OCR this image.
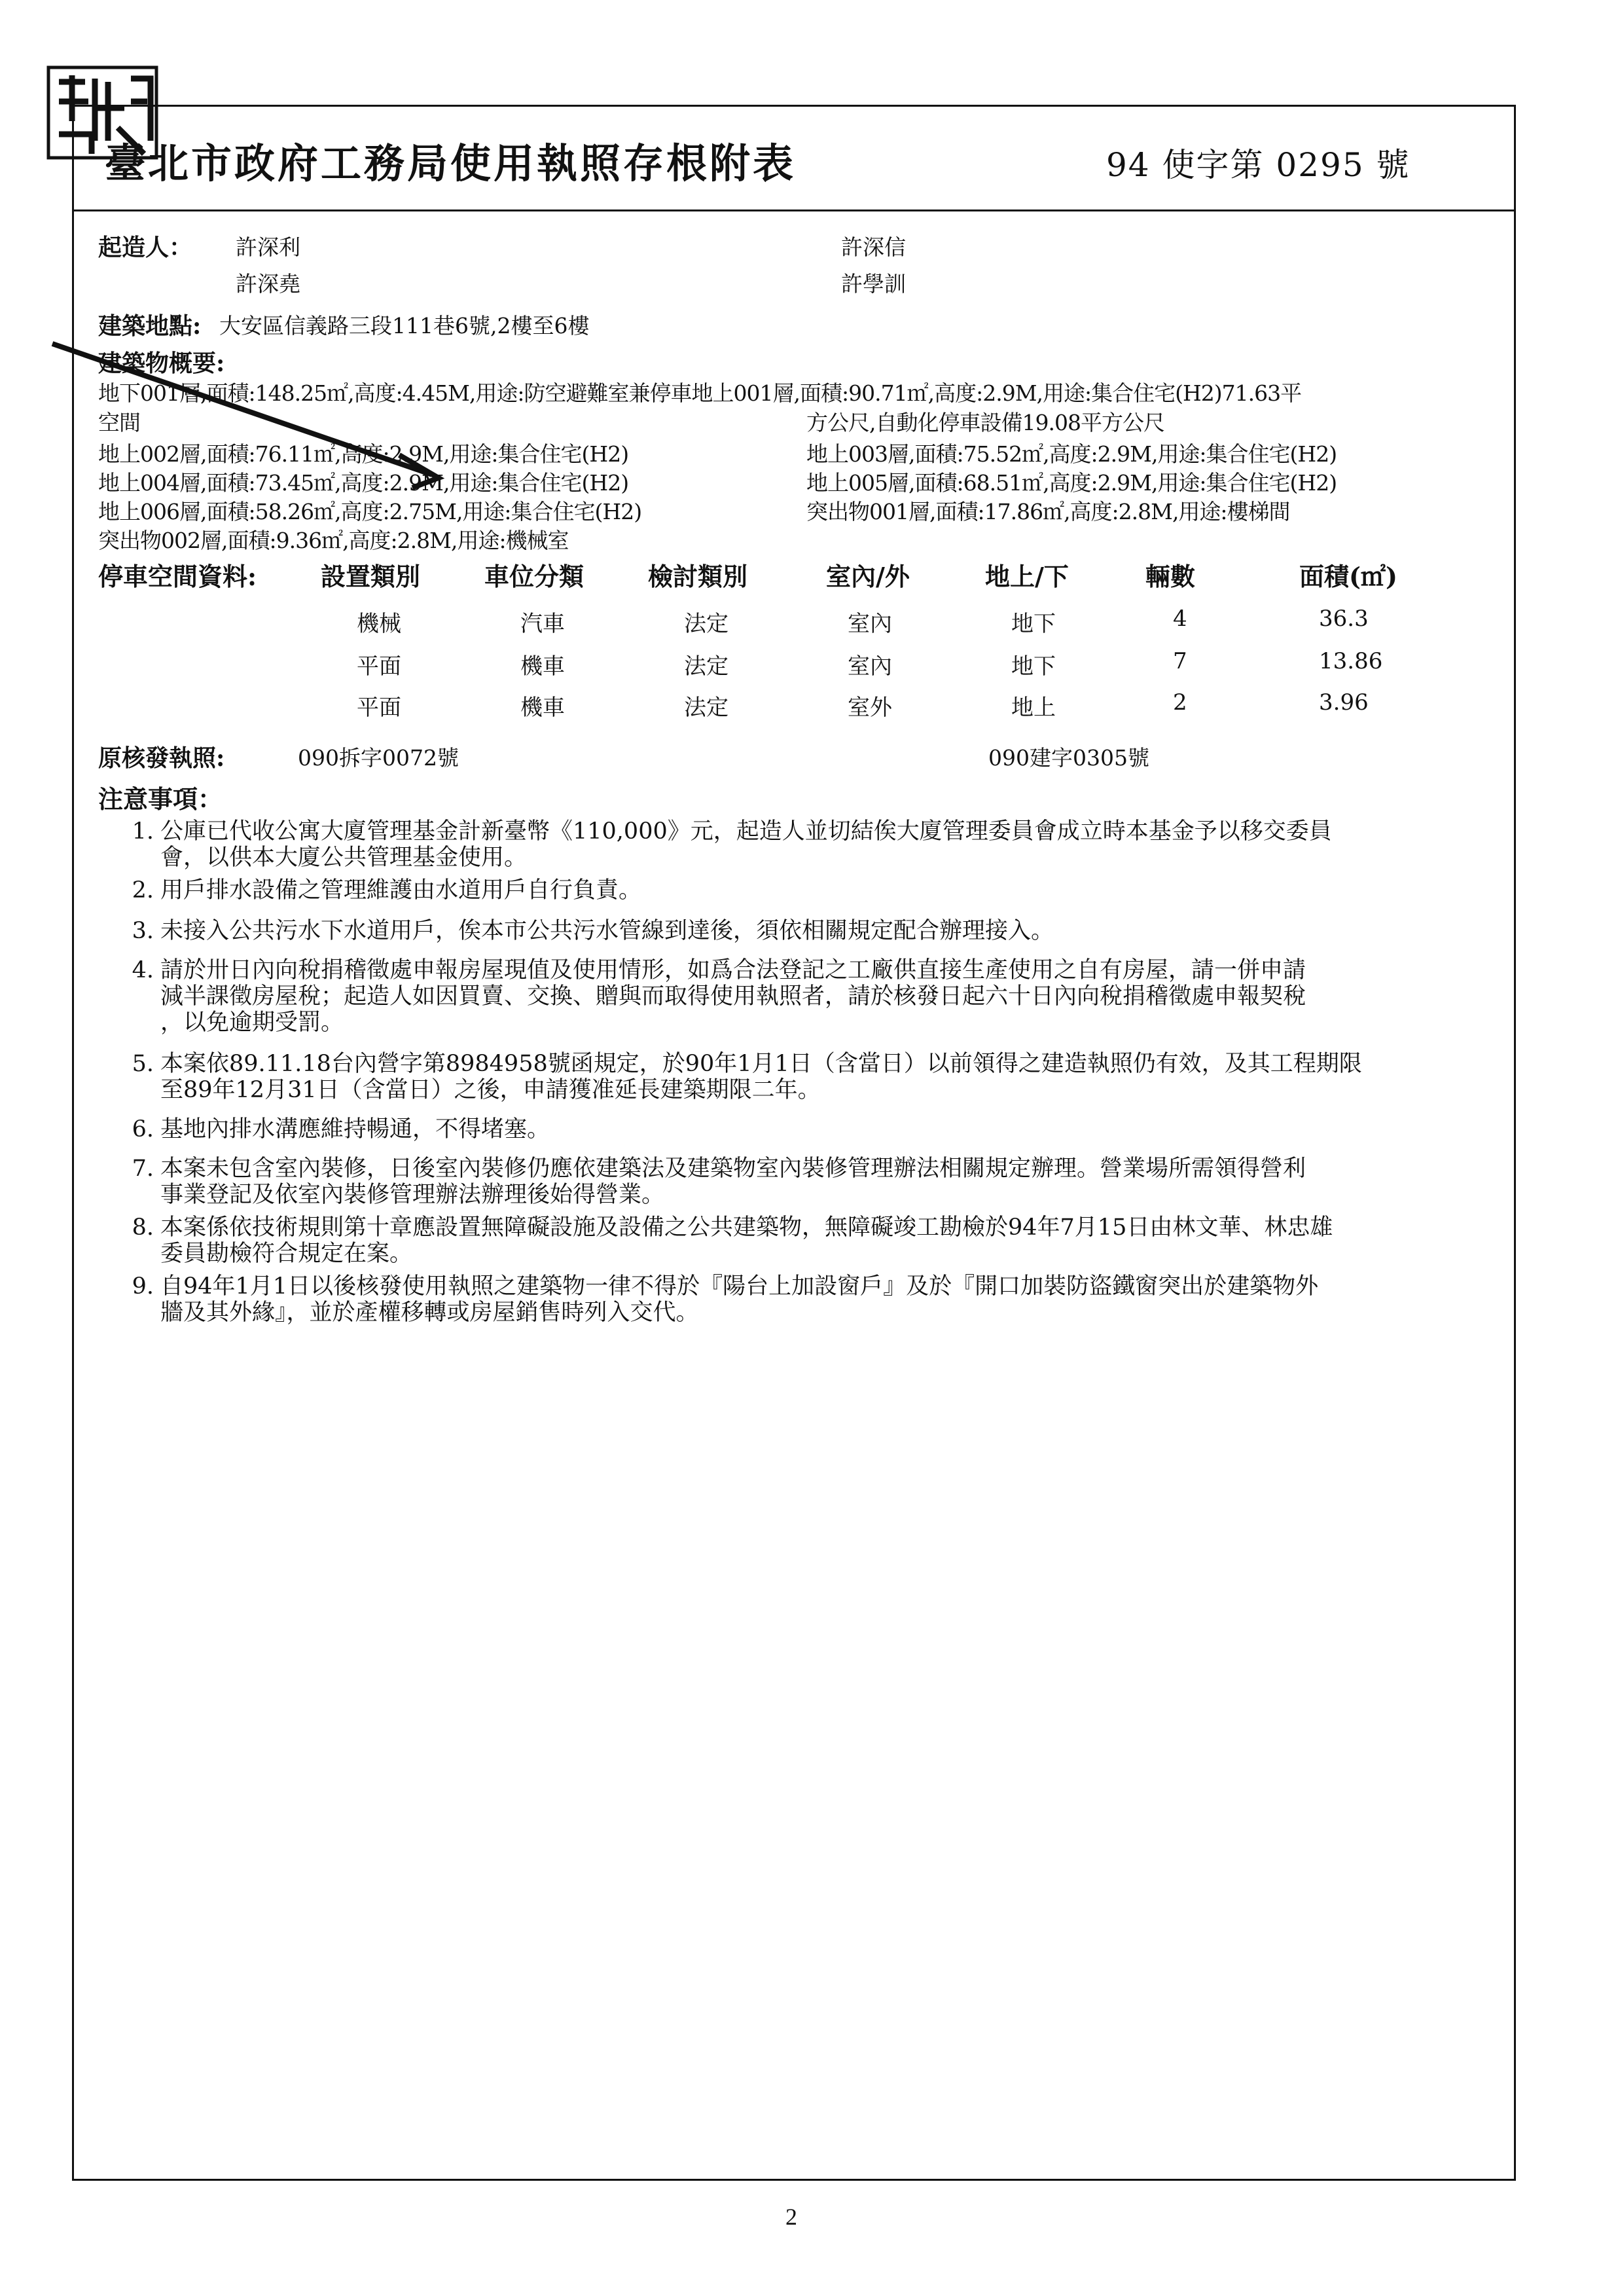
臺北市政府工務局使用執照存根附表	94 使字第 0295 號
起造人： 許深利	許深信
許深堯	許學訓
建築地點: 大安區信義路三段111巷6號,2樓至6樓
建築物概要:
地下001層,面積:148.25㎡,高度:4.45M,用途:防空避難室兼停車地上001層,面積:90.71㎡,高度:2.9M,用途:集合住宅(H2)71.63平
空間	方公尺,自動化停車設備19.08平方公尺
地上002層,面積:76.11㎡,高度:2.9M,用途:集合住宅(H2)	地上003層,面積:75.52㎡,高度:2.9M,用途:集合住宅(H2)
地上004層,面積:73.45㎡,高度:2.9M,用途:集合住宅(H2)	地上005層,面積:68.51㎡,高度:2.9M,用途:集合住宅(H2)
地上006層,面積:58.26㎡,高度:2.75M,用途:集合住宅(H2)	突出物001層,面積:17.86㎡,高度:2.8M,用途:樓梯間
突出物002層,面積:9.36㎡,高度:2.8M,用途:機械室
停車空間資料:	設置類別	車位分類	檢討類別	室內/外	地上/下	輛數	面積(㎡)
機械	汽車	法定	室內	地下	4	36.3
平面	機車	法定	室內	地下	7	13.86
平面	機車	法定	室外	地上	2	3.96
原核發執照:	090拆字0072號	090建字0305號
注意事項：
1. 公庫已代收公寓大廈管理基金計新臺幣《110,000》元，起造人並切結俟大廈管理委員會成立時本基金予以移交委員
會，以供本大廈公共管理基金使用。
2. 用戶排水設備之管理維護由水道用戶自行負責。
3. 未接入公共污水下水道用戶，俟本市公共污水管線到達後，須依相關規定配合辦理接入。
4. 請於卅日內向稅捐稽徵處申報房屋現值及使用情形，如爲合法登記之工廠供直接生產使用之自有房屋，請一併申請
減半課徵房屋稅；起造人如因買賣、交換、贈與而取得使用執照者，請於核發日起六十日內向稅捐稽徵處申報契稅
，以免逾期受罰。
5. 本案依89.11.18台內營字第8984958號函規定，於90年1月1日（含當日）以前領得之建造執照仍有效，及其工程期限
至89年12月31日（含當日）之後，申請獲准延長建築期限二年。
6. 基地內排水溝應維持暢通，不得堵塞。
7. 本案未包含室內裝修，日後室內裝修仍應依建築法及建築物室內裝修管理辦法相關規定辦理。營業場所需領得營利
事業登記及依室內裝修管理辦法辦理後始得營業。
8. 本案係依技術規則第十章應設置無障礙設施及設備之公共建築物，無障礙竣工勘檢於94年7月15日由林文華、林忠雄
委員勘檢符合規定在案。
9. 自94年1月1日以後核發使用執照之建築物一律不得於『陽台上加設窗戶』及於『開口加裝防盜鐵窗突出於建築物外
牆及其外緣』，並於產權移轉或房屋銷售時列入交代。
2
